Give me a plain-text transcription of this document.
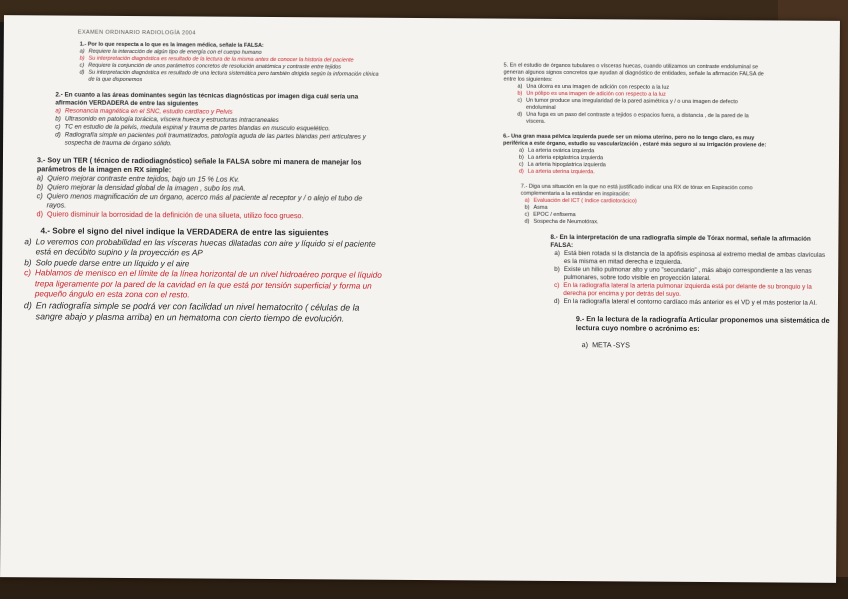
EXAMEN ORDINARIO RADIOLOGÍA 2004
1.- Por lo que respecta a lo que es la imagen médica, señale la FALSA:
a) Requiere la interacción de algún tipo de energía con el cuerpo humano
b) Su interpretación diagnóstica es resultado de la lectura de la misma antes de conocer la historia del paciente
c) Requiere la conjunción de unos parámetros concretos de resolución anatómica y contraste entre tejidos
d) Su interpretación diagnóstica es resultado de una lectura sistemática pero también dirigida según la información clínica de la que disponemos
2.- En cuanto a las áreas dominantes según las técnicas diagnósticas por imagen diga cuál sería una afirmación VERDADERA de entre las siguientes
a) Resonancia magnética en el SNC, estudio cardíaco y Pelvis
b) Ultrasonido en patología torácica, víscera hueca y estructuras intracraneales
c) TC en estudio de la pelvis, medula espinal y trauma de partes blandas en musculo esquelético.
d) Radiografía simple en pacientes poli traumatizados, patología aguda de las partes blandas peri articulares y sospecha de trauma de órgano sólido.
3.- Soy un TER ( técnico de radiodiagnóstico) señale la FALSA sobre mi manera de manejar los parámetros de la imagen en RX simple:
a) Quiero mejorar contraste entre tejidos, bajo un 15 % Los Kv.
b) Quiero mejorar la densidad global de la imagen , subo los mA.
c) Quiero menos magnificación de un órgano, acerco más al paciente al receptor y / o alejo el tubo de rayos.
d) Quiero disminuir la borrosidad de la definición de una silueta, utilizo foco grueso.
4.- Sobre el signo del nivel indique la VERDADERA de entre las siguientes
a) Lo veremos con probabilidad en las vísceras huecas dilatadas con aire y líquido si el paciente está en decúbito supino y la proyección es AP
b) Solo puede darse entre un líquido y el aire
c) Hablamos de menisco en el límite de la línea horizontal de un nivel hidroaéreo porque el líquido trepa ligeramente por la pared de la cavidad en la que está por tensión superficial y forma un pequeño ángulo en esta zona con el resto.
d) En radiografía simple se podrá ver con facilidad un nivel hematocrito ( células de la sangre abajo y plasma arriba) en un hematoma con cierto tiempo de evolución.
5. En el estudio de órganos tubulares o vísceras huecas, cuando utilizamos un contraste endoluminal se generan algunos signos concretos que ayudan al diagnóstico de entidades, señale la afirmación FALSA de entre los siguientes:
a) Una úlcera es una imagen de adición con respecto a la luz
b) Un pólipo es una imagen de adición con respecto a la luz
c) Un tumor produce una irregularidad de la pared asimétrica y / o una imagen de defecto endoluminal
d) Una fuga es un paso del contraste a tejidos o espacios fuera, a distancia , de la pared de la víscera.
6.- Una gran masa pélvica izquierda puede ser un mioma uterino, pero no lo tengo claro, es muy periférica a este órgano, estudio su vascularización , estaré más seguro si su irrigación proviene de:
a) La arteria ovárica izquierda
b) La arteria epigástrica izquierda
c) La arteria hipogástrica izquierda
d) La arteria uterina izquierda.
7.- Diga una situación en la que no está justificado indicar una RX de tórax en Espiración como complementaria a la estándar en inspiración:
a) Evaluación del ICT ( índice cardiotorácico)
b) Asma
c) EPOC / enfisema
d) Sospecha de Neumotórax.
8.- En la interpretación de una radiografía simple de Tórax normal, señale la afirmación FALSA:
a) Está bien rotada si la distancia de la apófisis espinosa al extremo medial de ambas clavículas es la misma en mitad derecha e izquierda.
b) Existe un hilio pulmonar alto y uno "secundario" , más abajo correspondiente a las venas pulmonares, sobre todo visible en proyección lateral.
c) En la radiografía lateral la arteria pulmonar izquierda está por delante de su bronquio y la derecha por encima y por detrás del suyo.
d) En la radiografía lateral el contorno cardíaco más anterior es el VD y el más posterior la AI.
9.- En la lectura de la radiografía Articular proponemos una sistemática de lectura cuyo nombre o acrónimo es:
a) META -SYS
